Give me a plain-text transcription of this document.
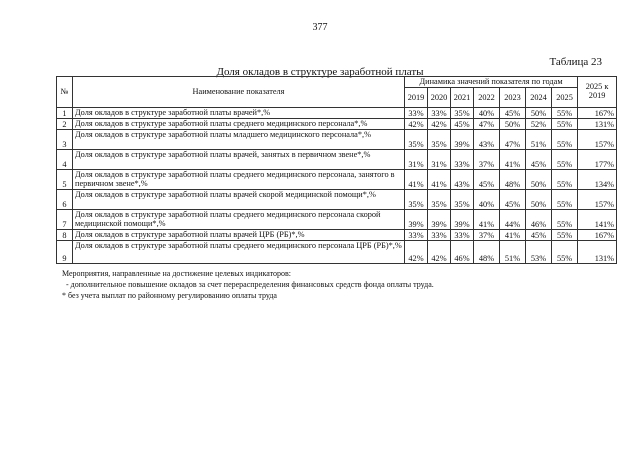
377
Таблица 23
Доля окладов в структуре заработной платы
№	Наименование показателя	Динамика значений показателя по годам							2025 к 2019
		2019	2020	2021	2022	2023	2024	2025	
1	Доля окладов в структуре заработной платы врачей*,%	33%	33%	35%	40%	45%	50%	55%	167%
2	Доля окладов в структуре заработной платы среднего медицинского персонала*,%	42%	42%	45%	47%	50%	52%	55%	131%
3	Доля окладов в структуре заработной платы младшего медицинского персонала*,%	35%	35%	39%	43%	47%	51%	55%	157%
4	Доля окладов в структуре заработной платы врачей, занятых в первичном звене*,%	31%	31%	33%	37%	41%	45%	55%	177%
5	Доля окладов в структуре заработной платы среднего медицинского персонала, занятого в первичном звене*,%	41%	41%	43%	45%	48%	50%	55%	134%
6	Доля окладов в структуре заработной платы врачей скорой медицинской помощи*,%	35%	35%	35%	40%	45%	50%	55%	157%
7	Доля окладов в структуре заработной платы среднего медицинского персонала скорой медицинской помощи*,%	39%	39%	39%	41%	44%	46%	55%	141%
8	Доля окладов в структуре заработной платы врачей ЦРБ (РБ)*,%	33%	33%	33%	37%	41%	45%	55%	167%
9	Доля окладов в структуре заработной платы среднего медицинского персонала ЦРБ (РБ)*,%	42%	42%	46%	48%	51%	53%	55%	131%
Мероприятия, направленные на достижение целевых индикаторов:
- дополнительное повышение окладов за счет перераспределения финансовых средств фонда оплаты труда.
* без учета выплат по районному регулированию оплаты труда
